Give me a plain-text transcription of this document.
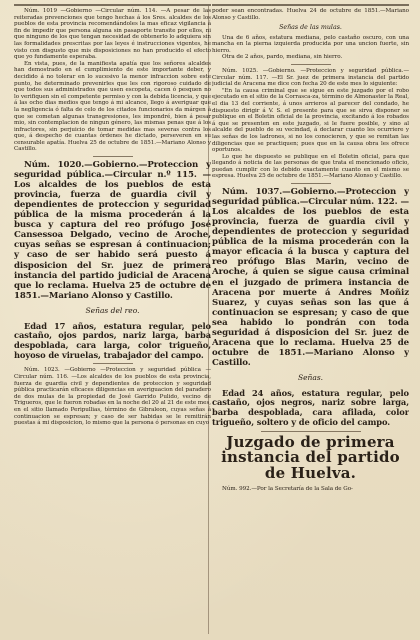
Núm. 1019 —Gobierno —Circular núm. 114. —A pesar de las reiteradas prevenciones que tengo hechas á los Sres. alcaldes de los pueblos de esta provincia recomendándoles la mas eficaz vigilancia á fin de impedir que persona alguna sin pasaporte transite por ellos, ni que ninguno de los que tengan necesidad de obtenerlo lo adquiera sin las formalidades prescritas por las leyes é instrucciones vigentes, he visto con disgusto que mis disposiciones no han producido el efecto que yo fundamente esperaba.

En vista, pues, de la manifiesta apatía que los señores alcaldes han demostrado en el cumplimiento de este importante deber, y decidido á no tolerar en lo sucesivo la menor infraccion sobre este punto, he determinado prevenirles que les con rigoroso cuidado de que todos sus administrados que usen escopeta, cacen ó pesquen no lo verifiquen sin el competente permiso y con la debida licencia, y que á las ocho dias medios que tengo á mi alcance, llego á averiguar que la negligencia ó falta de celo de los citados funcionarios da márgen á que se cometan algunas transgresiones, les impondré, bien á pesar mio, sin contemplacion de ningun género, las mismas penas que á los infractores, sin perjuicio de tomar medidas mas severas contra los que, á despecho de cuantas órdenes he dictado, perseveren en su censurable apatía. Huelva 25 de octubre de 1851.—Mariano Alonso y Castillo.

Núm. 1020.—Gobierno.—Proteccion y seguridad pública.—Circular n.º 115. —Los alcaldes de los pueblos de esta provincia, fuerza de guardia civil y dependientes de proteccion y seguridad pública de la misma procederán á la busca y captura del reo prófugo José Cansessoa Delgado, vecino de Aroche, cuyas señas se espresan á continuacion; y caso de ser habido será puesto á disposicion del Sr. juez de primera instancia del partido judicial de Aracena que lo reclama. Huelva 25 de octubre de 1851.—Mariano Alonso y Castillo.

Señas del reo.

Edad 17 años, estatura regular, pelo castaño, ojos pardos, nariz larga, barba despoblada, cara larga, color trigueño, hoyoso de viruelas, trabajador del campo.

Núm. 1023. —Gobierno —Proteccion y seguridad pública —Circular núm. 116. —Los alcaldes de los pueblos de esta provincia, fuerza de guardia civil y dependientes de proteccion y seguridad pública practicarán eficaces diligencias en averiguacion del paradero de dos mulas de la propiedad de José Garrido Pulido, vecino de Trigueros, que le fueron robadas en la noche del 20 al 21 de este mes, en el sitio llamado Peripullias, término de Gibraleon, cuyas señas á continuacion se espresan; y caso de ser habidas se le remitirán puestas á mi disposicion, lo mismo que la persona ó personas en cuyo

poder sean encontradas. Huelva 24 de octubre de 1851.—Mariano Alonso y Castillo.

Señas de las mulas.

Una de 6 años, estatura mediana, pelo castaño oscuro, con una mancha en la pierna izquierda producida por una uncion fuerte, sin hierro.

Otra de 2 años, pardo, mediana, sin hierro.

Núm. 1025. —Gobierno. —Proteccion y seguridad pública.—Circular núm. 117. —El Sr. juez de primera instancia del partido judicial de Aracena me dice con fecha 20 de este mes lo siguiente:

"En la causa criminal que se sigue en este juzgado por el robo ejecutado en el sitio de la Corrasca-za, término de Almonaster la Real, el dia 13 del corriente, á unos arrieros al parecer del condado, he dispuesto dirigir á V. S. el presente para que se sirva disponer se publique en el Boletin oficial de la provincia, excitando á los robados á que se presenten en este juzgado, si le fuere posible, y sino al alcalde del pueblo de su vecindad, á declarar cuanto les ocurriere y las señas de los ladrones, si no los conocieren, y que se remitan las diligencias que se practiquen; pues que en la causa obra les ofrece oportunos.

Lo que he dispuesto se publique en el Boletin oficial, para que llegando á noticia de las personas de que trata el mencionado oficio, puedan cumplir con lo debido exactamente cuanto en el mismo se espresa. Huelva 25 de octubre de 1851.—Mariano Alonso y Castillo.

Núm. 1037.—Gobierno.—Proteccion y seguridad pública.—Circular núm. 122. —Los alcaldes de los pueblos de esta provincia, fuerza de guardia civil y dependientes de proteccion y seguridad pública de la misma procederán con la mayor eficacia á la busca y captura del reo prófugo Blas Marin, vecino de Aroche, á quien se sigue causa criminal en el juzgado de primera instancia de Aracena por muerte á Andres Moñiz Suarez, y cuyas señas son las que á continuacion se espresan; y caso de que sea habido lo pondrán con toda seguridad á disposicion del Sr. juez de Aracena que lo reclama. Huelva 25 de octubre de 1851.—Mariano Alonso y Castillo.

Señas.

Edad 24 años, estatura regular, pelo castaño, ojos negros, nariz sobre larga, barba despoblada, cara afilada, color trigueño, soltero y de oficio del campo.

Juzgado de primera instancia del partido de Huelva.

Núm. 992.—Por la Secretaría de la Sala de Go-
